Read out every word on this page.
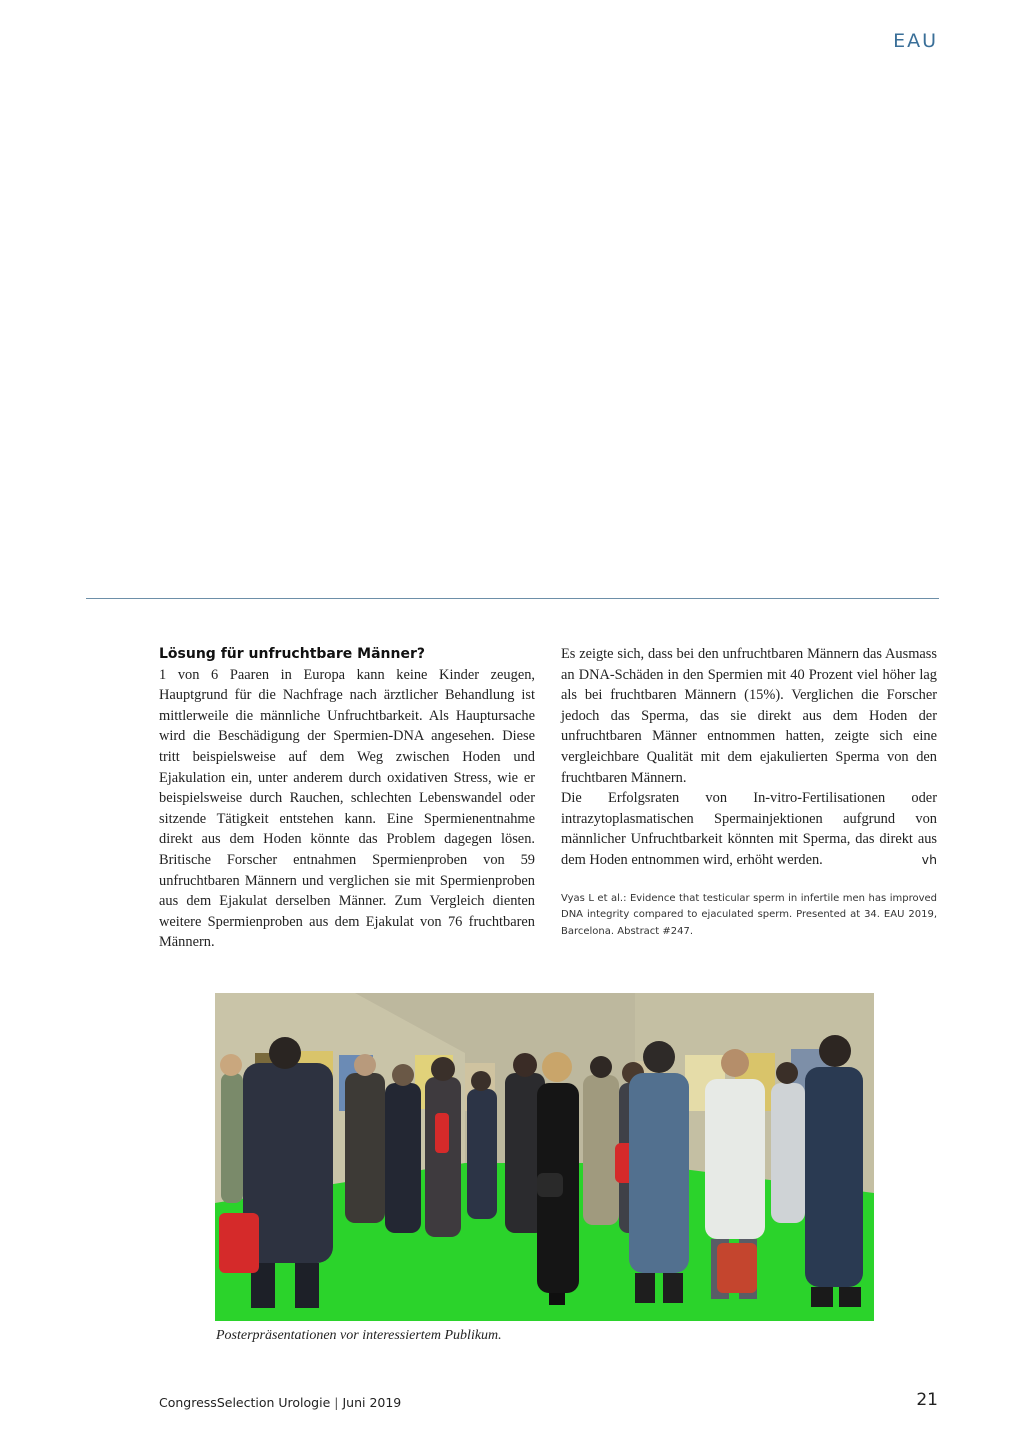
EAU

Lösung für unfruchtbare Männer?

1 von 6 Paaren in Europa kann keine Kinder zeugen, Hauptgrund für die Nachfrage nach ärztlicher Behandlung ist mittlerweile die männliche Unfruchtbarkeit. Als Hauptursache wird die Beschädigung der Spermien-DNA angesehen. Diese tritt beispielsweise auf dem Weg zwischen Hoden und Ejakulation ein, unter anderem durch oxidativen Stress, wie er beispielsweise durch Rauchen, schlechten Lebenswandel oder sitzende Tätigkeit entstehen kann. Eine Spermienentnahme direkt aus dem Hoden könnte das Problem dagegen lösen. Britische Forscher entnahmen Spermienproben von 59 unfruchtbaren Männern und verglichen sie mit Spermienproben aus dem Ejakulat derselben Männer. Zum Vergleich dienten weitere Spermienproben aus dem Ejakulat von 76 fruchtbaren Männern.

Es zeigte sich, dass bei den unfruchtbaren Männern das Ausmass an DNA-Schäden in den Spermien mit 40 Prozent viel höher lag als bei fruchtbaren Männern (15%). Verglichen die Forscher jedoch das Sperma, das sie direkt aus dem Hoden der unfruchtbaren Männer entnommen hatten, zeigte sich eine vergleichbare Qualität mit dem ejakulierten Sperma von den fruchtbaren Männern.

Die Erfolgsraten von In-vitro-Fertilisationen oder intrazytoplasmatischen Spermainjektionen aufgrund von männlicher Unfruchtbarkeit könnten mit Sperma, das direkt aus dem Hoden entnommen wird, erhöht werden.	vh

Vyas L et al.: Evidence that testicular sperm in infertile men has improved DNA integrity compared to ejaculated sperm. Presented at 34. EAU 2019, Barcelona. Abstract #247.
Posterpräsentationen vor interessiertem Publikum.
CongressSelection Urologie | Juni 2019	21
